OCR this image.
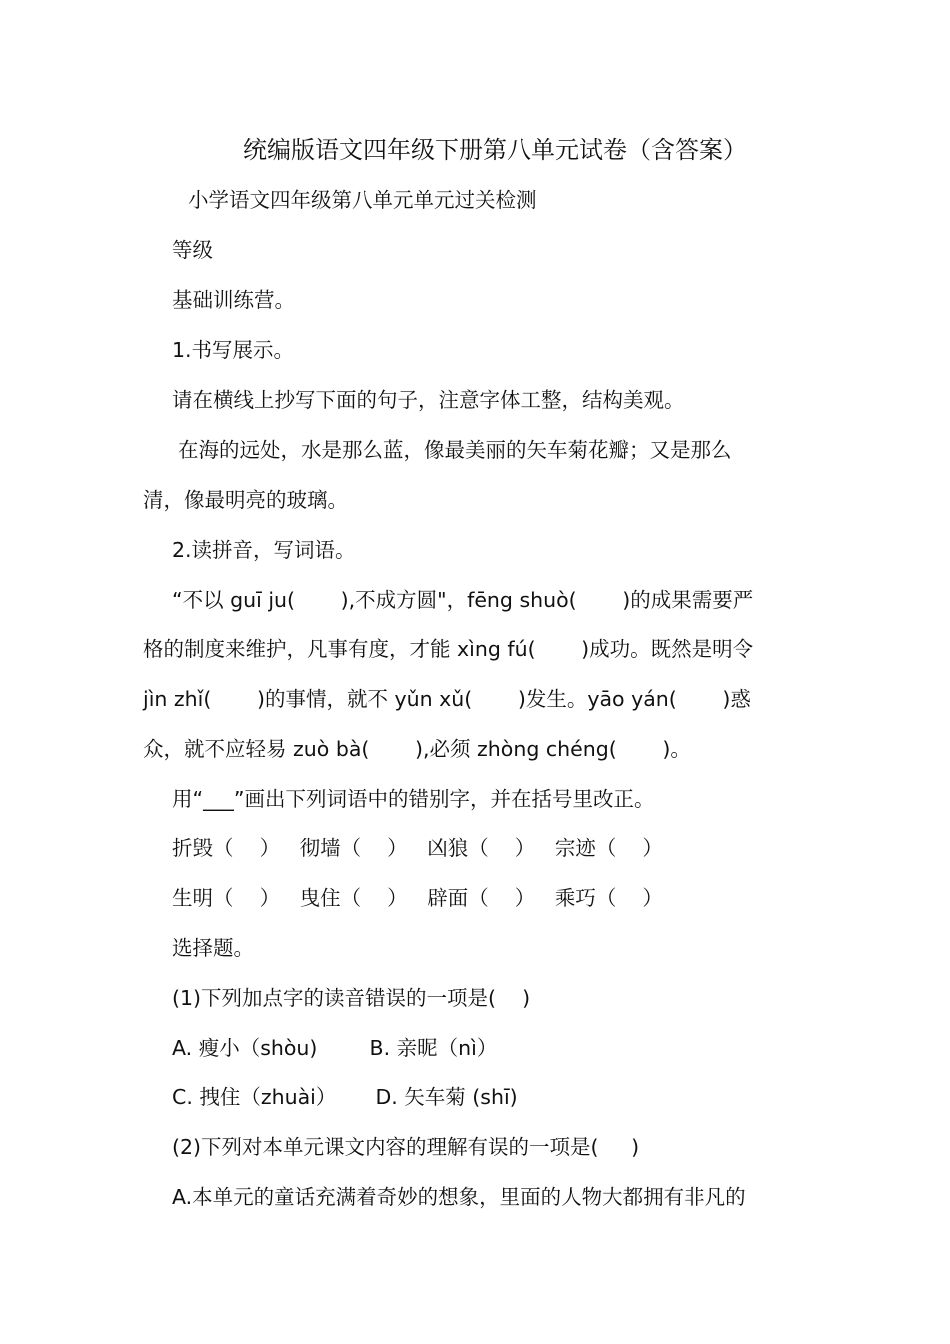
统编版语文四年级下册第八单元试卷（含答案）
小学语文四年级第八单元单元过关检测
等级
基础训练营。
1.书写展示。
请在横线上抄写下面的句子，注意字体工整，结构美观。
在海的远处，水是那么蓝，像最美丽的矢车菊花瓣；又是那么
清，像最明亮的玻璃。
2.读拼音，写词语。
“不以 guī ju(       ),不成方圆"，fēng shuò(       )的成果需要严
格的制度来维护，凡事有度，才能 xìng fú(       )成功。既然是明令
jìn zhǐ(       )的事情，就不 yǔn xǔ(       )发生。yāo yán(       )惑
众，就不应轻易 zuò bà(       ),必须 zhòng chéng(       )。
用“___”画出下列词语中的错别字，并在括号里改正。
折毁（    ）   彻墙（    ）   凶狼（    ）   宗迹（    ）
生明（    ）   曳住（    ）   辟面（    ）   乘巧（    ）
选择题。
(1)下列加点字的读音错误的一项是(    )
A. 瘦小（shòu)        B. 亲昵（nì）
C. 拽住（zhuài）      D. 矢车菊 (shī)
(2)下列对本单元课文内容的理解有误的一项是(     )
A.本单元的童话充满着奇妙的想象，里面的人物大都拥有非凡的
